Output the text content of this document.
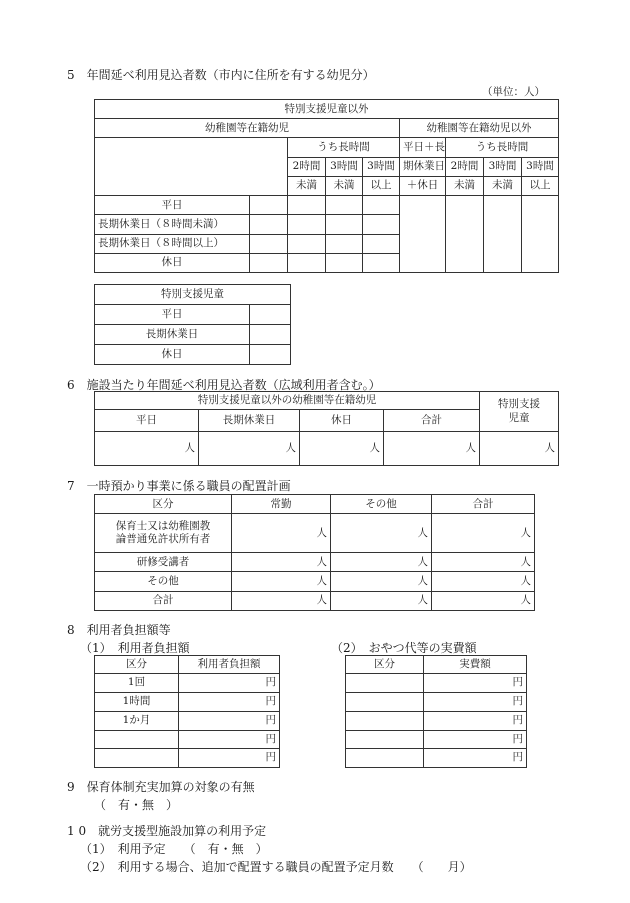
5　年間延べ利用見込者数（市内に住所を有する幼児分）
（単位：人）
特別支援児童以外								
幼稚園等在籍幼児					幼稚園等在籍幼児以外			
		うち長時間			平日＋長	うち長時間		
		2時間	3時間	3時間	期休業日	2時間	3時間	3時間
		未満	未満	以上	＋休日	未満	未満	以上
平日								
長期休業日（８時間未満）								
長期休業日（８時間以上）								
休日								
特別支援児童	
平日	
長期休業日	
休日	
6　施設当たり年間延べ利用見込者数（広域利用者含む。）
特別支援児童以外の幼稚園等在籍幼児				特別支援
児童
平日	長期休業日	休日	合計	
人	人	人	人	人
7　一時預かり事業に係る職員の配置計画
区分	常勤	その他	合計
保育士又は幼稚園教
論普通免許状所有者	人	人	人
研修受講者	人	人	人
その他	人	人	人
合計	人	人	人
8　利用者負担額等
（1）　利用者負担額	（2）　おやつ代等の実費額
区分	利用者負担額
1回	円
1時間	円
1か月	円
	円
	円
区分	実費額
	円
	円
	円
	円
	円
9　保育体制充実加算の対象の有無
（　有・無　）
1 0　就労支援型施設加算の利用予定
（1）　利用予定　　（　有・無　）
（2）　利用する場合、追加で配置する職員の配置予定月数　　（　　月）
